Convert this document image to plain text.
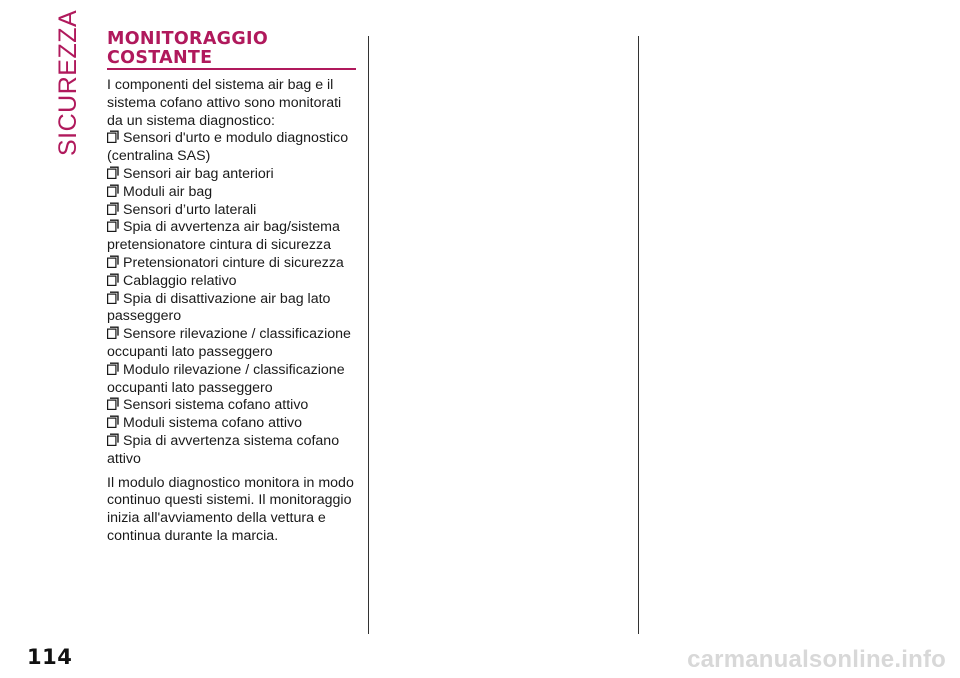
SICUREZZA MONITORAGGIO COSTANTE

I componenti del sistema air bag e il sistema cofano attivo sono monitorati da un sistema diagnostico:

Sensori d'urto e modulo diagnostico (centralina SAS)
Sensori air bag anteriori
Moduli air bag
Sensori d’urto laterali
Spia di avvertenza air bag/sistema pretensionatore cintura di sicurezza
Pretensionatori cinture di sicurezza
Cablaggio relativo
Spia di disattivazione air bag lato passeggero
Sensore rilevazione / classificazione occupanti lato passeggero
Modulo rilevazione / classificazione occupanti lato passeggero
Sensori sistema cofano attivo
Moduli sistema cofano attivo
Spia di avvertenza sistema cofano attivo

Il modulo diagnostico monitora in modo continuo questi sistemi. Il monitoraggio inizia all'avviamento della vettura e continua durante la marcia.

114	carmanualsonline.info
